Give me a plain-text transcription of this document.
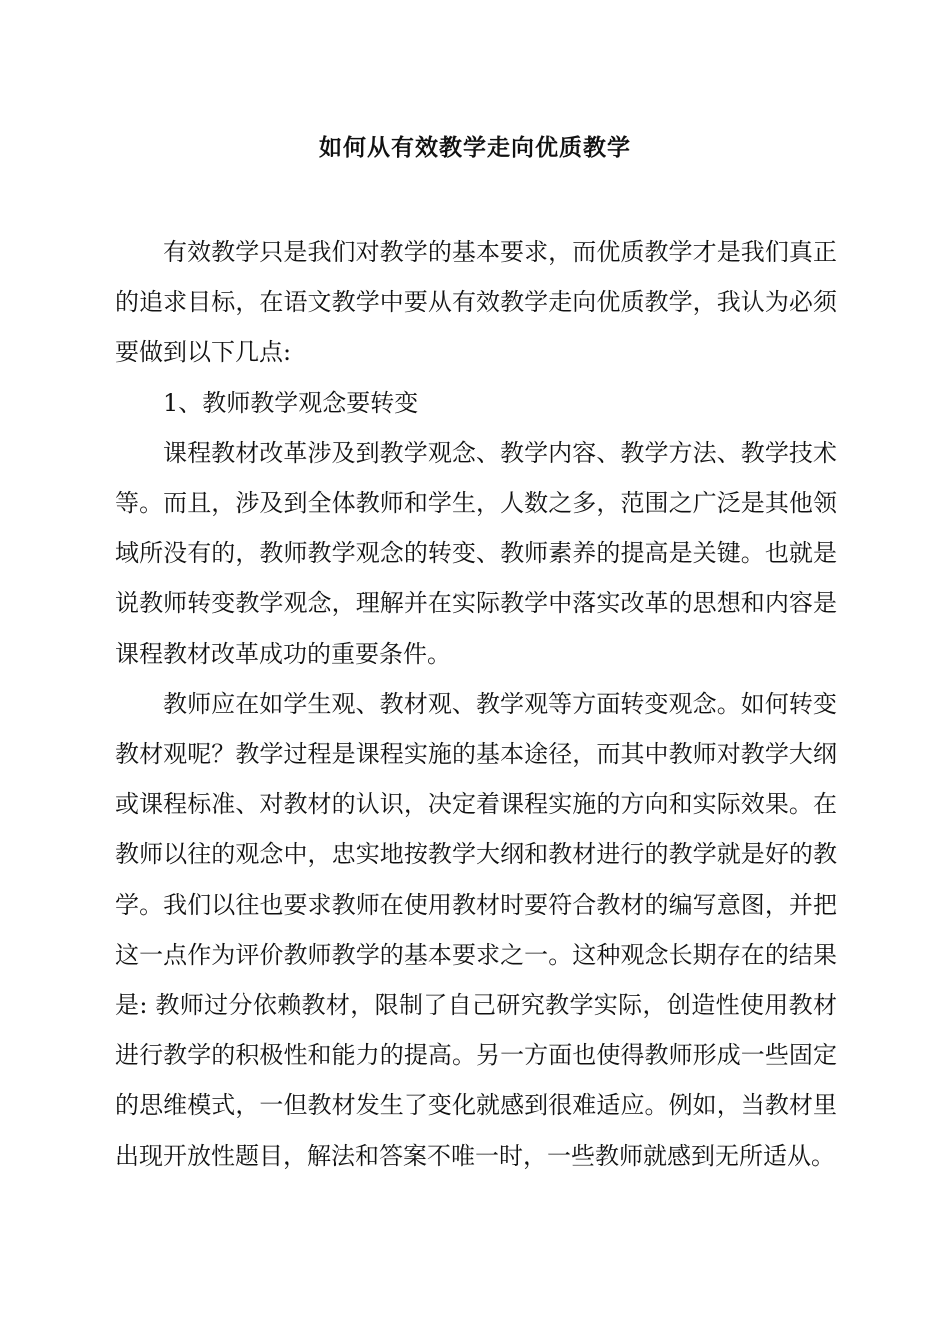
如何从有效教学走向优质教学

有效教学只是我们对教学的基本要求，而优质教学才是我们真正的追求目标，在语文教学中要从有效教学走向优质教学，我认为必须要做到以下几点:

1、教师教学观念要转变

课程教材改革涉及到教学观念、教学内容、教学方法、教学技术等。而且，涉及到全体教师和学生，人数之多，范围之广泛是其他领域所没有的，教师教学观念的转变、教师素养的提高是关键。也就是说教师转变教学观念，理解并在实际教学中落实改革的思想和内容是课程教材改革成功的重要条件。

教师应在如学生观、教材观、教学观等方面转变观念。如何转变教材观呢？教学过程是课程实施的基本途径，而其中教师对教学大纲或课程标准、对教材的认识，决定着课程实施的方向和实际效果。在教师以往的观念中，忠实地按教学大纲和教材进行的教学就是好的教学。我们以往也要求教师在使用教材时要符合教材的编写意图，并把这一点作为评价教师教学的基本要求之一。这种观念长期存在的结果是: 教师过分依赖教材，限制了自己研究教学实际，创造性使用教材进行教学的积极性和能力的提高。另一方面也使得教师形成一些固定的思维模式，一但教材发生了变化就感到很难适应。例如，当教材里出现开放性题目，解法和答案不唯一时，一些教师就感到无所适从。
